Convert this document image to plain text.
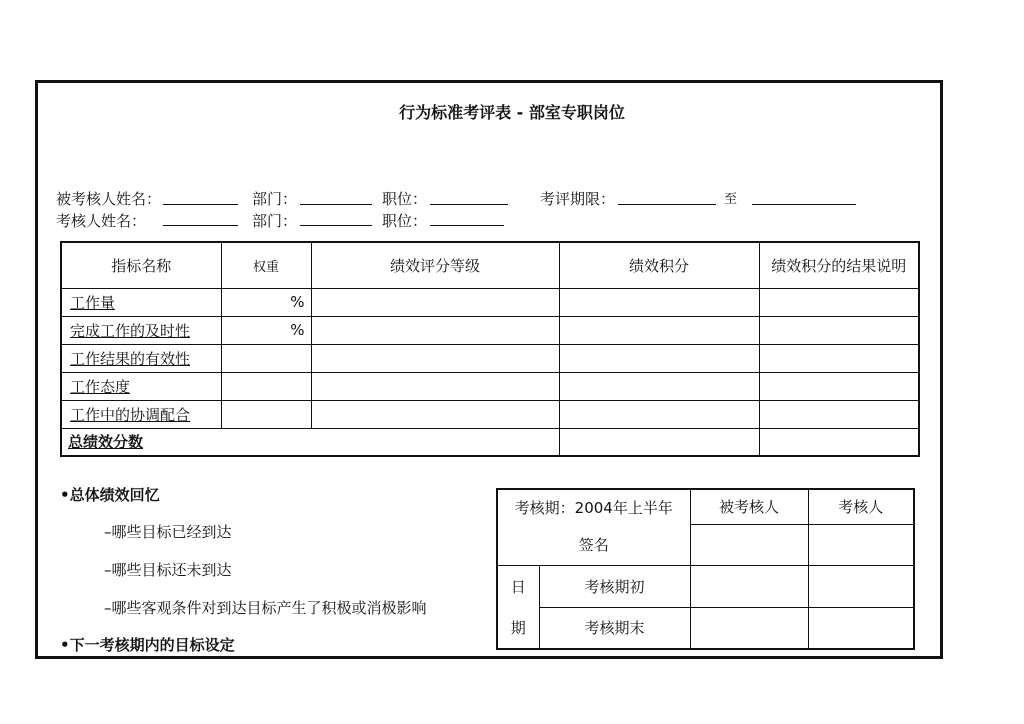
行为标准考评表 - 部室专职岗位
被考核人姓名：	部门：	职位：	考评期限：	至
考核人姓名：	部门：	职位：
指标名称	权重	绩效评分等级	绩效积分	绩效积分的结果说明
工作量	%			
完成工作的及时性	%			
工作结果的有效性				
工作态度				
工作中的协调配合				
总绩效分数				
•总体绩效回忆
–哪些目标已经到达
–哪些目标还未到达
–哪些客观条件对到达目标产生了积极或消极影响
•下一考核期内的目标设定
考核期：2004年上半年		被考核人	考核人
签名			
日	考核期初		
期	考核期末		
